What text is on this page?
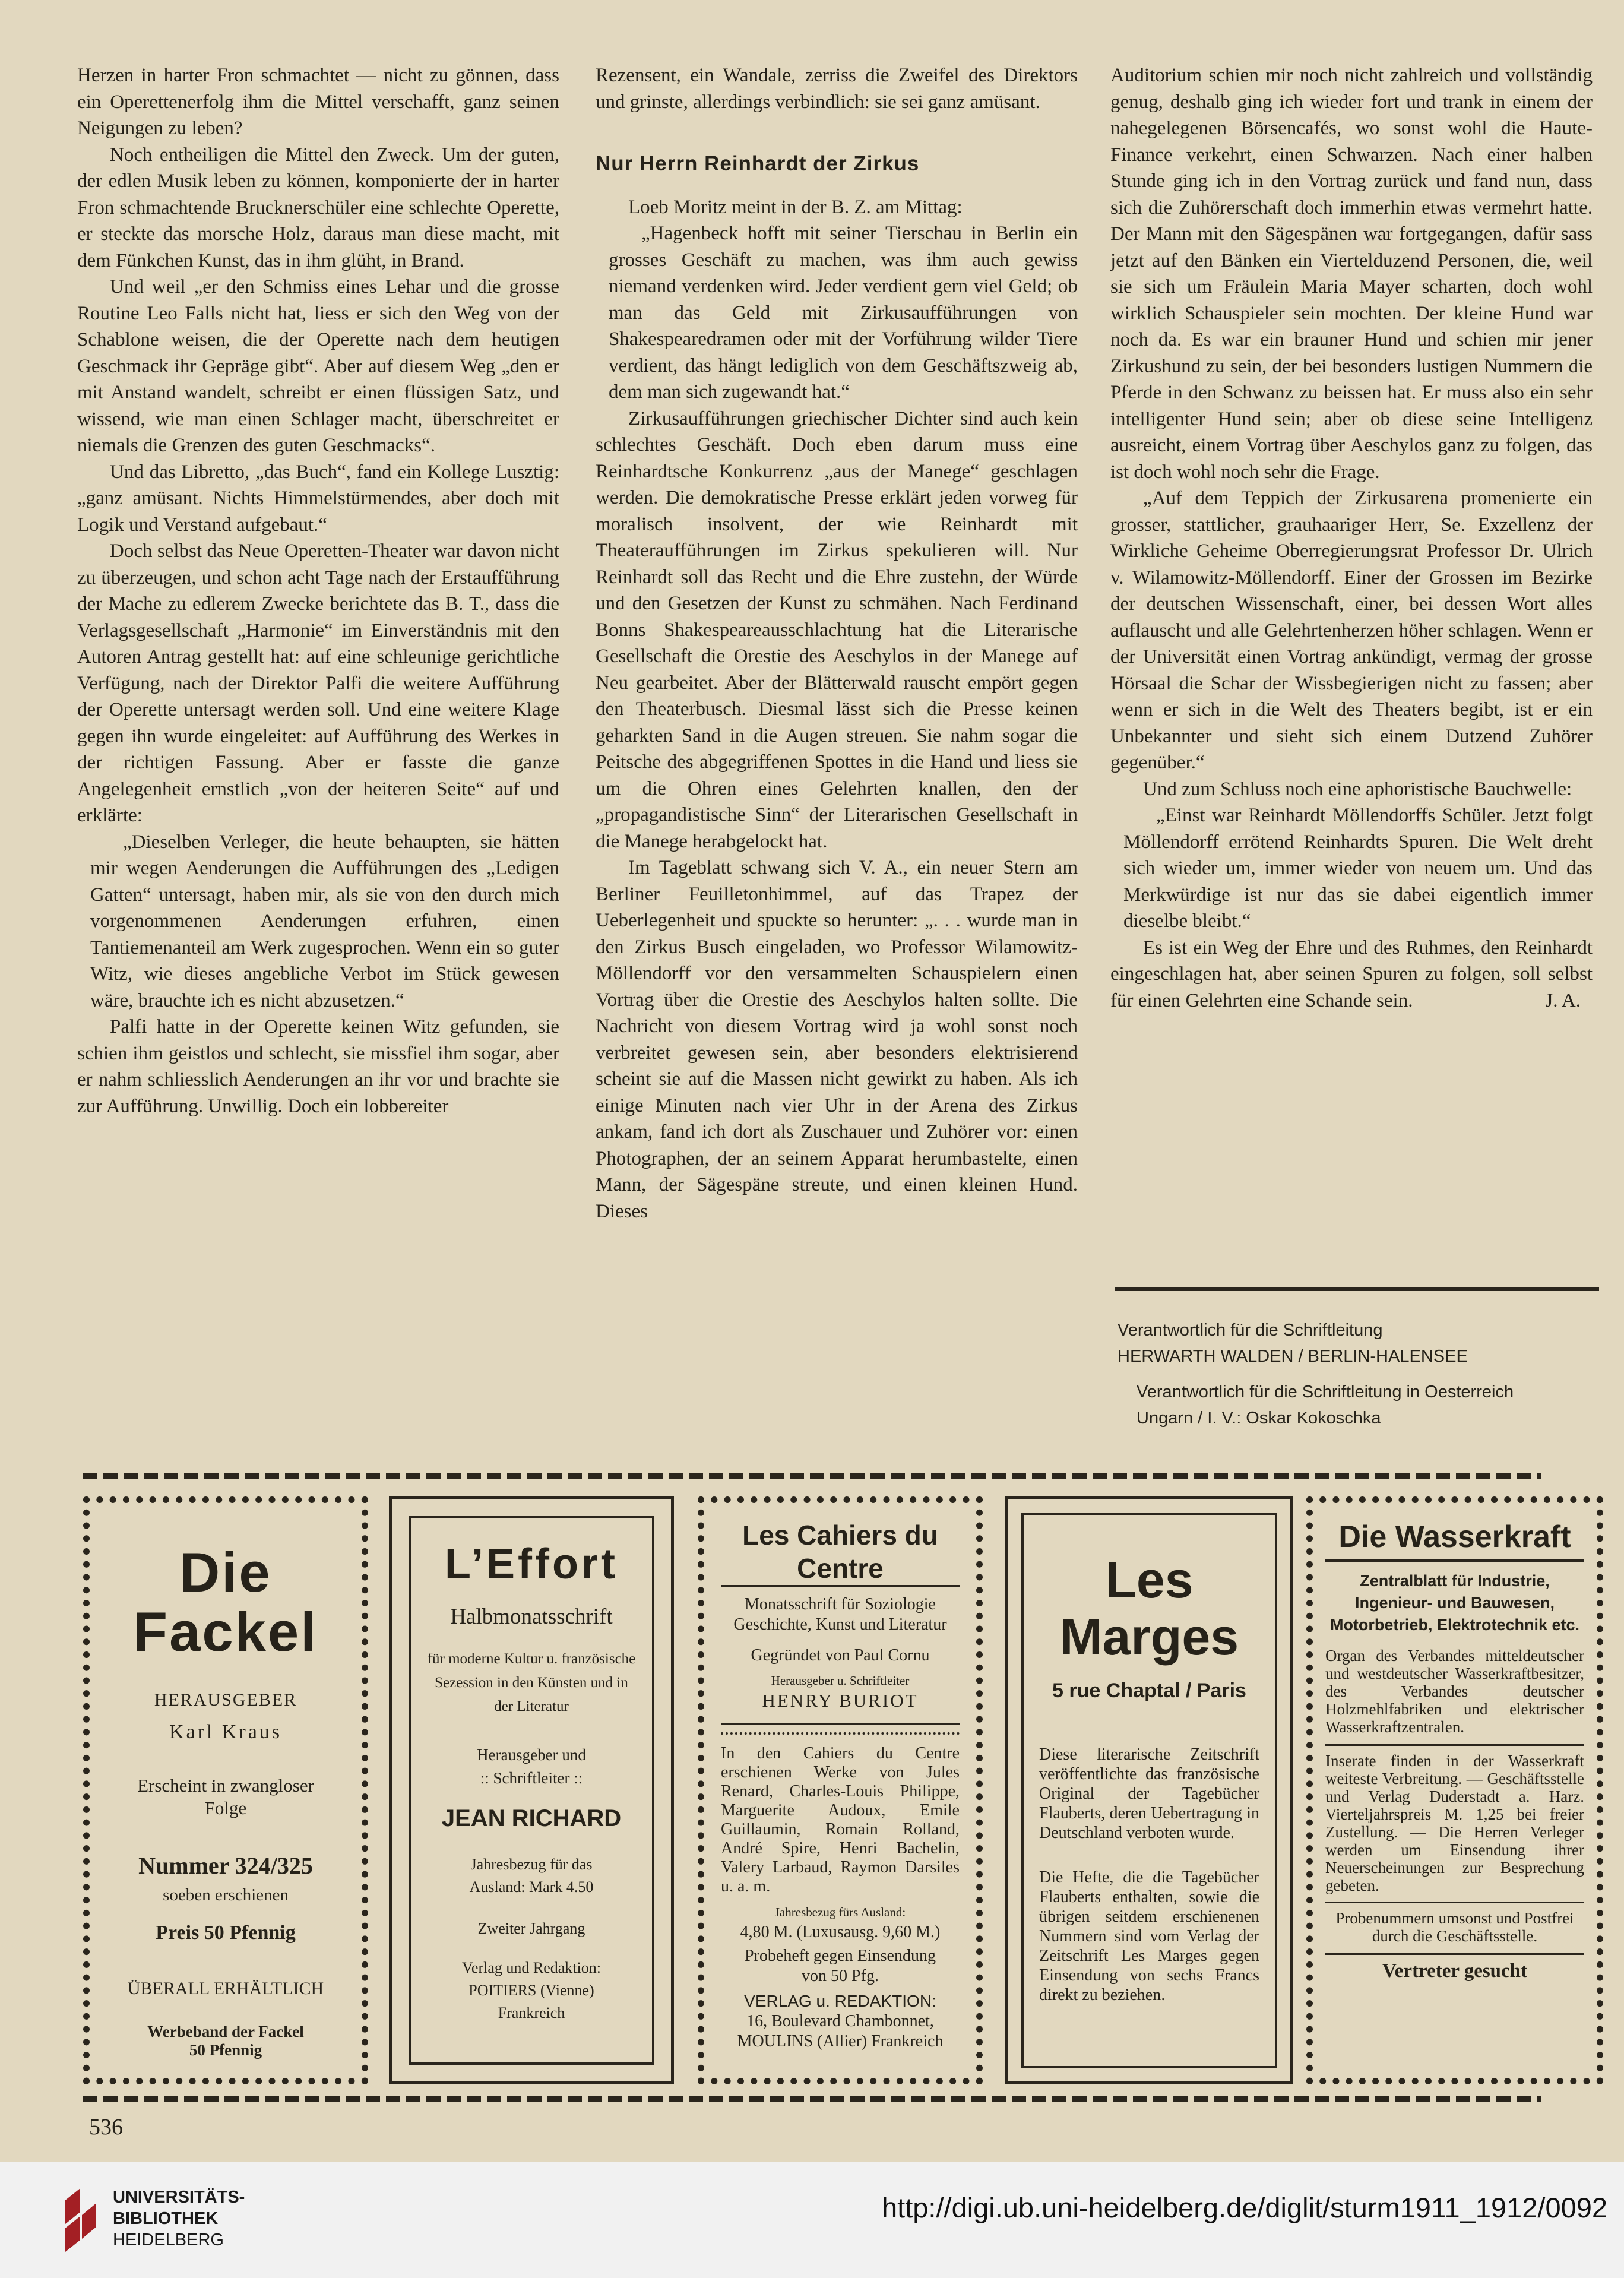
Herzen in harter Fron schmachtet — nicht zu gönnen, dass ein Operettenerfolg ihm die Mittel verschafft, ganz seinen Neigungen zu leben?

Noch entheiligen die Mittel den Zweck. Um der guten, der edlen Musik leben zu können, komponierte der in harter Fron schmachtende Brucknerschüler eine schlechte Operette, er steckte das morsche Holz, daraus man diese macht, mit dem Fünkchen Kunst, das in ihm glüht, in Brand.

Und weil „er den Schmiss eines Lehar und die grosse Routine Leo Falls nicht hat, liess er sich den Weg von der Schablone weisen, die der Operette nach dem heutigen Geschmack ihr Gepräge gibt“. Aber auf diesem Weg „den er mit Anstand wandelt, schreibt er einen flüssigen Satz, und wissend, wie man einen Schlager macht, überschreitet er niemals die Grenzen des guten Geschmacks“.

Und das Libretto, „das Buch“, fand ein Kollege Lusztig: „ganz amüsant. Nichts Himmelstürmendes, aber doch mit Logik und Verstand aufgebaut.“

Doch selbst das Neue Operetten-Theater war davon nicht zu überzeugen, und schon acht Tage nach der Erstaufführung der Mache zu edlerem Zwecke berichtete das B. T., dass die Verlagsgesellschaft „Harmonie“ im Einverständnis mit den Autoren Antrag gestellt hat: auf eine schleunige gerichtliche Verfügung, nach der Direktor Palfi die weitere Aufführung der Operette untersagt werden soll. Und eine weitere Klage gegen ihn wurde eingeleitet: auf Aufführung des Werkes in der richtigen Fassung. Aber er fasste die ganze Angelegenheit ernstlich „von der heiteren Seite“ auf und erklärte:

„Dieselben Verleger, die heute behaupten, sie hätten mir wegen Aenderungen die Aufführungen des „Ledigen Gatten“ untersagt, haben mir, als sie von den durch mich vorgenommenen Aenderungen erfuhren, einen Tantiemenanteil am Werk zugesprochen. Wenn ein so guter Witz, wie dieses angebliche Verbot im Stück gewesen wäre, brauchte ich es nicht abzusetzen.“

Palfi hatte in der Operette keinen Witz gefunden, sie schien ihm geistlos und schlecht, sie missfiel ihm sogar, aber er nahm schliesslich Aenderungen an ihr vor und brachte sie zur Aufführung. Unwillig. Doch ein lobbereiter

Rezensent, ein Wandale, zerriss die Zweifel des Direktors und grinste, allerdings verbindlich: sie sei ganz amüsant.

Nur Herrn Reinhardt der Zirkus

Loeb Moritz meint in der B. Z. am Mittag:

„Hagenbeck hofft mit seiner Tierschau in Berlin ein grosses Geschäft zu machen, was ihm auch gewiss niemand verdenken wird. Jeder verdient gern viel Geld; ob man das Geld mit Zirkusaufführungen von Shakespearedramen oder mit der Vorführung wilder Tiere verdient, das hängt lediglich von dem Geschäftszweig ab, dem man sich zugewandt hat.“

Zirkusaufführungen griechischer Dichter sind auch kein schlechtes Geschäft. Doch eben darum muss eine Reinhardtsche Konkurrenz „aus der Manege“ geschlagen werden. Die demokratische Presse erklärt jeden vorweg für moralisch insolvent, der wie Reinhardt mit Theateraufführungen im Zirkus spekulieren will. Nur Reinhardt soll das Recht und die Ehre zustehn, der Würde und den Gesetzen der Kunst zu schmähen. Nach Ferdinand Bonns Shakespeareausschlachtung hat die Literarische Gesellschaft die Orestie des Aeschylos in der Manege auf Neu gearbeitet. Aber der Blätterwald rauscht empört gegen den Theaterbusch. Diesmal lässt sich die Presse keinen geharkten Sand in die Augen streuen. Sie nahm sogar die Peitsche des abgegriffenen Spottes in die Hand und liess sie um die Ohren eines Gelehrten knallen, den der „propagandistische Sinn“ der Literarischen Gesellschaft in die Manege herabgelockt hat.

Im Tageblatt schwang sich V. A., ein neuer Stern am Berliner Feuilletonhimmel, auf das Trapez der Ueberlegenheit und spuckte so herunter: „. . . wurde man in den Zirkus Busch eingeladen, wo Professor Wilamowitz-Möllendorff vor den versammelten Schauspielern einen Vortrag über die Orestie des Aeschylos halten sollte. Die Nachricht von diesem Vortrag wird ja wohl sonst noch verbreitet gewesen sein, aber besonders elektrisierend scheint sie auf die Massen nicht gewirkt zu haben. Als ich einige Minuten nach vier Uhr in der Arena des Zirkus ankam, fand ich dort als Zuschauer und Zuhörer vor: einen Photographen, der an seinem Apparat herumbastelte, einen Mann, der Sägespäne streute, und einen kleinen Hund. Dieses

Auditorium schien mir noch nicht zahlreich und vollständig genug, deshalb ging ich wieder fort und trank in einem der nahegelegenen Börsencafés, wo sonst wohl die Haute-Finance verkehrt, einen Schwarzen. Nach einer halben Stunde ging ich in den Vortrag zurück und fand nun, dass sich die Zuhörerschaft doch immerhin etwas vermehrt hatte. Der Mann mit den Sägespänen war fortgegangen, dafür sass jetzt auf den Bänken ein Viertelduzend Personen, die, weil sie sich um Fräulein Maria Mayer scharten, doch wohl wirklich Schauspieler sein mochten. Der kleine Hund war noch da. Es war ein brauner Hund und schien mir jener Zirkushund zu sein, der bei besonders lustigen Nummern die Pferde in den Schwanz zu beissen hat. Er muss also ein sehr intelligenter Hund sein; aber ob diese seine Intelligenz ausreicht, einem Vortrag über Aeschylos ganz zu folgen, das ist doch wohl noch sehr die Frage.

„Auf dem Teppich der Zirkusarena promenierte ein grosser, stattlicher, grauhaariger Herr, Se. Exzellenz der Wirkliche Geheime Oberregierungsrat Professor Dr. Ulrich v. Wilamowitz-Möllendorff. Einer der Grossen im Bezirke der deutschen Wissenschaft, einer, bei dessen Wort alles auflauscht und alle Gelehrtenherzen höher schlagen. Wenn er der Universität einen Vortrag ankündigt, vermag der grosse Hörsaal die Schar der Wissbegierigen nicht zu fassen; aber wenn er sich in die Welt des Theaters begibt, ist er ein Unbekannter und sieht sich einem Dutzend Zuhörer gegenüber.“

Und zum Schluss noch eine aphoristische Bauchwelle:

„Einst war Reinhardt Möllendorffs Schüler. Jetzt folgt Möllendorff errötend Reinhardts Spuren. Die Welt dreht sich wieder um, immer wieder von neuem um. Und das Merkwürdige ist nur das sie dabei eigentlich immer dieselbe bleibt.“

Es ist ein Weg der Ehre und des Ruhmes, den Reinhardt eingeschlagen hat, aber seinen Spuren zu folgen, soll selbst für einen Gelehrten eine Schande sein.	J. A.

Verantwortlich für die Schriftleitung
HERWARTH WALDEN / BERLIN-HALENSEE
Verantwortlich für die Schriftleitung in Oesterreich
Ungarn / I. V.: Oskar Kokoschka
Die Fackel
HERAUSGEBER
Karl Kraus
Erscheint in zwangloser Folge
Nummer 324/325
soeben erschienen
Preis 50 Pfennig
ÜBERALL ERHÄLTLICH
Werbeband der Fackel
50 Pfennig
L’Effort
Halbmonatsschrift
für moderne Kultur u. französische Sezession in den Künsten und in der Literatur
Herausgeber und
:: Schriftleiter ::
JEAN RICHARD
Jahresbezug für das Ausland: Mark 4.50
Zweiter Jahrgang
Verlag und Redaktion:
POITIERS (Vienne)
Frankreich
Les Cahiers du Centre
Monatsschrift für Soziologie Geschichte, Kunst und Literatur
Gegründet von Paul Cornu
Herausgeber u. Schriftleiter
HENRY BURIOT
In den Cahiers du Centre erschienen Werke von Jules Renard, Charles-Louis Philippe, Marguerite Audoux, Emile Guillaumin, Romain Rolland, André Spire, Henri Bachelin, Valery Larbaud, Raymon Darsiles u. a. m.
Jahresbezug fürs Ausland:
4,80 M. (Luxusausg. 9,60 M.)
Probeheft gegen Einsendung von 50 Pfg.
VERLAG u. REDAKTION:
16, Boulevard Chambonnet,
MOULINS (Allier) Frankreich
Les Marges
5 rue Chaptal / Paris
Diese literarische Zeitschrift veröffentlichte das französische Original der Tagebücher Flauberts, deren Uebertragung in Deutschland verboten wurde.
Die Hefte, die die Tagebücher Flauberts enthalten, sowie die übrigen seitdem erschienenen Nummern sind vom Verlag der Zeitschrift Les Marges gegen Einsendung von sechs Francs direkt zu beziehen.
Die Wasserkraft
Zentralblatt für Industrie, Ingenieur- und Bauwesen, Motorbetrieb, Elektrotechnik etc.
Organ des Verbandes mitteldeutscher und westdeutscher Wasserkraftbesitzer, des Verbandes deutscher Holzmehlfabriken und elektrischer Wasserkraftzentralen.
Inserate finden in der Wasserkraft weiteste Verbreitung. — Geschäftsstelle und Verlag Duderstadt a. Harz. Vierteljahrspreis M. 1,25 bei freier Zustellung. — Die Herren Verleger werden um Einsendung ihrer Neuerscheinungen zur Besprechung gebeten.
Probenummern umsonst und Postfrei durch die Geschäftsstelle.
Vertreter gesucht
536
UNIVERSITÄTS-
BIBLIOTHEK
HEIDELBERG
http://digi.ub.uni-heidelberg.de/diglit/sturm1911_1912/0092
